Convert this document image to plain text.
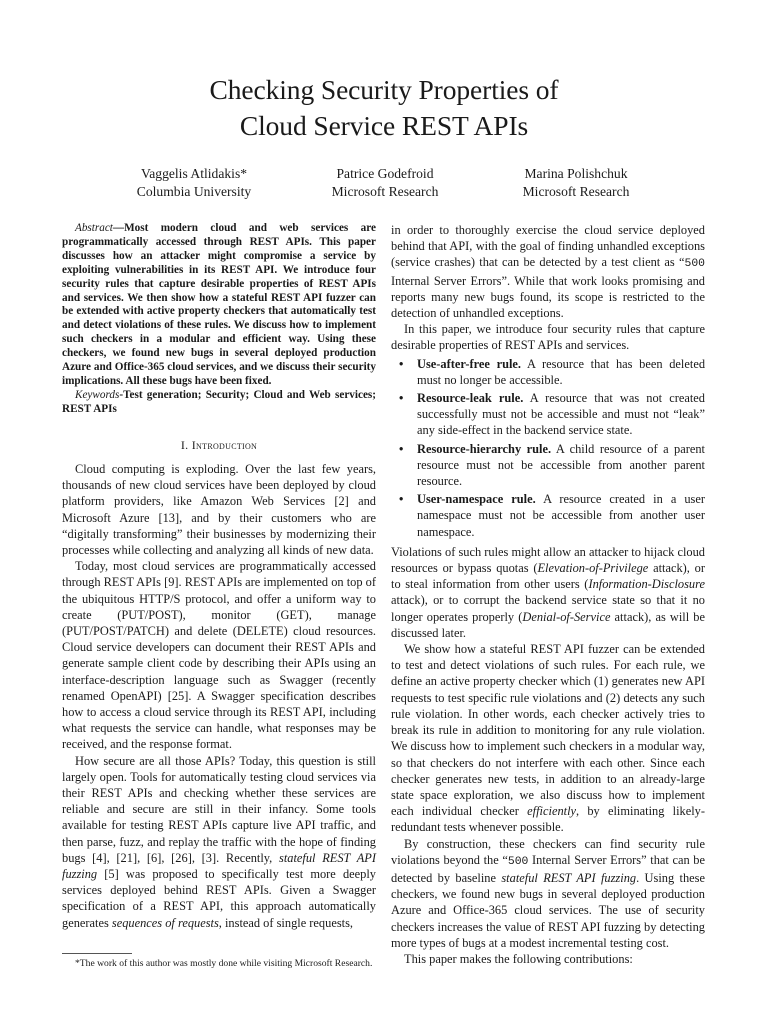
Checking Security Properties of
Cloud Service REST APIs
Vaggelis Atlidakis*
Columbia University
Patrice Godefroid
Microsoft Research
Marina Polishchuk
Microsoft Research

Abstract—Most modern cloud and web services are programmatically accessed through REST APIs. This paper discusses how an attacker might compromise a service by exploiting vulnerabilities in its REST API. We introduce four security rules that capture desirable properties of REST APIs and services. We then show how a stateful REST API fuzzer can be extended with active property checkers that automatically test and detect violations of these rules. We discuss how to implement such checkers in a modular and efficient way. Using these checkers, we found new bugs in several deployed production Azure and Office-365 cloud services, and we discuss their security implications. All these bugs have been fixed.

Keywords-Test generation; Security; Cloud and Web services; REST APIs

I. Introduction

Cloud computing is exploding. Over the last few years, thousands of new cloud services have been deployed by cloud platform providers, like Amazon Web Services [2] and Microsoft Azure [13], and by their customers who are “digitally transforming” their businesses by modernizing their processes while collecting and analyzing all kinds of new data.

Today, most cloud services are programmatically accessed through REST APIs [9]. REST APIs are implemented on top of the ubiquitous HTTP/S protocol, and offer a uniform way to create (PUT/POST), monitor (GET), manage (PUT/POST/PATCH) and delete (DELETE) cloud resources. Cloud service developers can document their REST APIs and generate sample client code by describing their APIs using an interface-description language such as Swagger (recently renamed OpenAPI) [25]. A Swagger specification describes how to access a cloud service through its REST API, including what requests the service can handle, what responses may be received, and the response format.

How secure are all those APIs? Today, this question is still largely open. Tools for automatically testing cloud services via their REST APIs and checking whether these services are reliable and secure are still in their infancy. Some tools available for testing REST APIs capture live API traffic, and then parse, fuzz, and replay the traffic with the hope of finding bugs [4], [21], [6], [26], [3]. Recently, stateful REST API fuzzing [5] was proposed to specifically test more deeply services deployed behind REST APIs. Given a Swagger specification of a REST API, this approach automatically generates sequences of requests, instead of single requests,

*The work of this author was mostly done while visiting Microsoft Research.

in order to thoroughly exercise the cloud service deployed behind that API, with the goal of finding unhandled exceptions (service crashes) that can be detected by a test client as “500 Internal Server Errors”. While that work looks promising and reports many new bugs found, its scope is restricted to the detection of unhandled exceptions.

In this paper, we introduce four security rules that capture desirable properties of REST APIs and services.

• Use-after-free rule. A resource that has been deleted must no longer be accessible.
• Resource-leak rule. A resource that was not created successfully must not be accessible and must not “leak” any side-effect in the backend service state.
• Resource-hierarchy rule. A child resource of a parent resource must not be accessible from another parent resource.
• User-namespace rule. A resource created in a user namespace must not be accessible from another user namespace.

Violations of such rules might allow an attacker to hijack cloud resources or bypass quotas (Elevation-of-Privilege attack), or to steal information from other users (Information-Disclosure attack), or to corrupt the backend service state so that it no longer operates properly (Denial-of-Service attack), as will be discussed later.

We show how a stateful REST API fuzzer can be extended to test and detect violations of such rules. For each rule, we define an active property checker which (1) generates new API requests to test specific rule violations and (2) detects any such rule violation. In other words, each checker actively tries to break its rule in addition to monitoring for any rule violation. We discuss how to implement such checkers in a modular way, so that checkers do not interfere with each other. Since each checker generates new tests, in addition to an already-large state space exploration, we also discuss how to implement each individual checker efficiently, by eliminating likely-redundant tests whenever possible.

By construction, these checkers can find security rule violations beyond the “500 Internal Server Errors” that can be detected by baseline stateful REST API fuzzing. Using these checkers, we found new bugs in several deployed production Azure and Office-365 cloud services. The use of security checkers increases the value of REST API fuzzing by detecting more types of bugs at a modest incremental testing cost.

This paper makes the following contributions:
